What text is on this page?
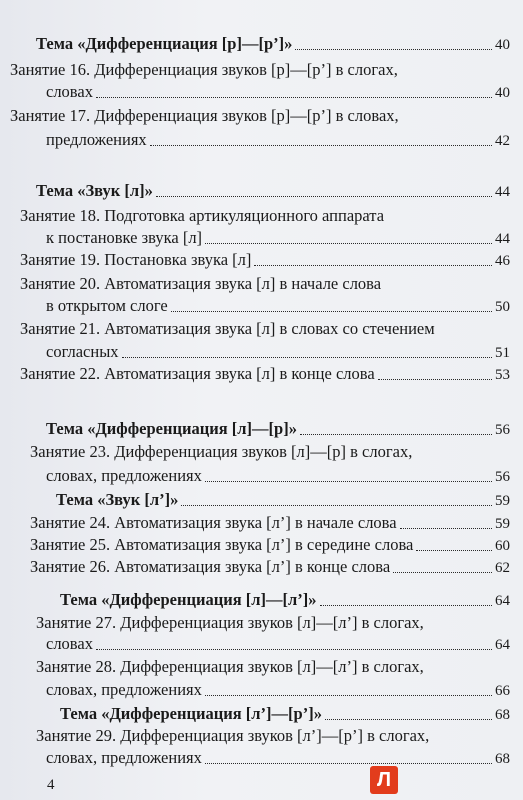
Тема «Дифференциация [р]—[р’]»	40
Занятие 16. Дифференциация звуков [р]—[р’] в слогах,
словах	40
Занятие 17. Дифференциация звуков [р]—[р’] в словах,
предложениях	42
Тема «Звук [л]»	44
Занятие 18. Подготовка артикуляционного аппарата
к постановке звука [л]	44
Занятие 19. Постановка звука [л]	46
Занятие 20. Автоматизация звука [л] в начале слова
в открытом слоге	50
Занятие 21. Автоматизация звука [л] в словах со стечением
согласных	51
Занятие 22. Автоматизация звука [л] в конце слова	53
Тема «Дифференциация [л]—[р]»	56
Занятие 23. Дифференциация звуков [л]—[р] в слогах,
словах, предложениях	56
Тема «Звук [л’]»	59
Занятие 24. Автоматизация звука [л’] в начале слова	59
Занятие 25. Автоматизация звука [л’] в середине слова	60
Занятие 26. Автоматизация звука [л’] в конце слова	62
Тема «Дифференциация [л]—[л’]»	64
Занятие 27. Дифференциация звуков [л]—[л’] в слогах,
словах	64
Занятие 28. Дифференциация звуков [л]—[л’] в слогах,
словах, предложениях	66
Тема «Дифференциация [л’]—[р’]»	68
Занятие 29. Дифференциация звуков [л’]—[р’] в слогах,
словах, предложениях	68
4	Л
